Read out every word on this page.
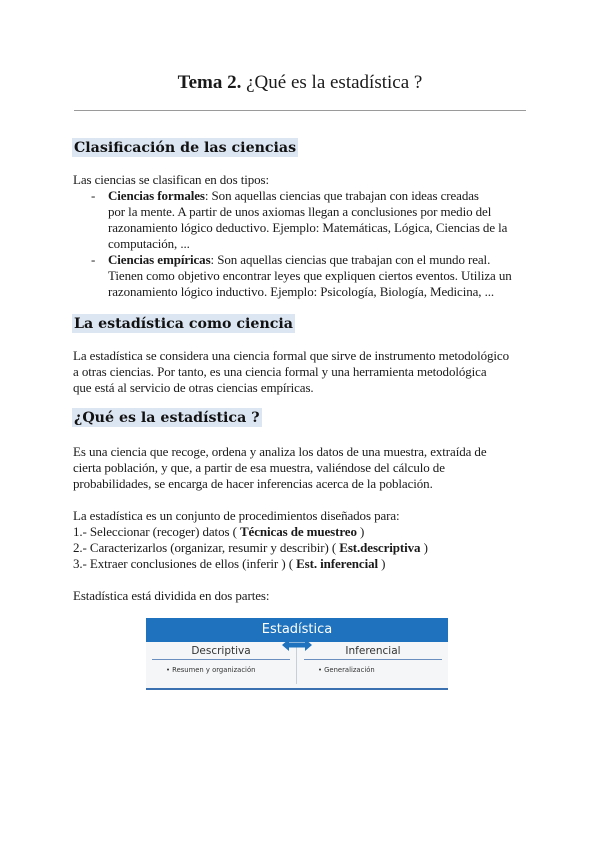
Tema 2. ¿Qué es la estadística ?
Clasificación de las ciencias

Las ciencias se clasifican en dos tipos:

- Ciencias formales: Son aquellas ciencias que trabajan con ideas creadas
por la mente. A partir de unos axiomas llegan a conclusiones por medio del
razonamiento lógico deductivo. Ejemplo: Matemáticas, Lógica, Ciencias de la
computación, ...
- Ciencias empíricas: Son aquellas ciencias que trabajan con el mundo real.
Tienen como objetivo encontrar leyes que expliquen ciertos eventos. Utiliza un
razonamiento lógico inductivo. Ejemplo: Psicología, Biología, Medicina, ...
La estadística como ciencia

La estadística se considera una ciencia formal que sirve de instrumento metodológico

a otras ciencias. Por tanto, es una ciencia formal y una herramienta metodológica

que está al servicio de otras ciencias empíricas.

¿Qué es la estadística ?

Es una ciencia que recoge, ordena y analiza los datos de una muestra, extraída de

cierta población, y que, a partir de esa muestra, valiéndose del cálculo de

probabilidades, se encarga de hacer inferencias acerca de la población.

La estadística es un conjunto de procedimientos diseñados para:

1.- Seleccionar (recoger) datos ( Técnicas de muestreo )

2.- Caracterizarlos (organizar, resumir y describir) ( Est.descriptiva )

3.- Extraer conclusiones de ellos (inferir ) ( Est. inferencial )

Estadística está dividida en dos partes:

Estadística
Descriptiva
• Resumen y organización
Inferencial
• Generalización
